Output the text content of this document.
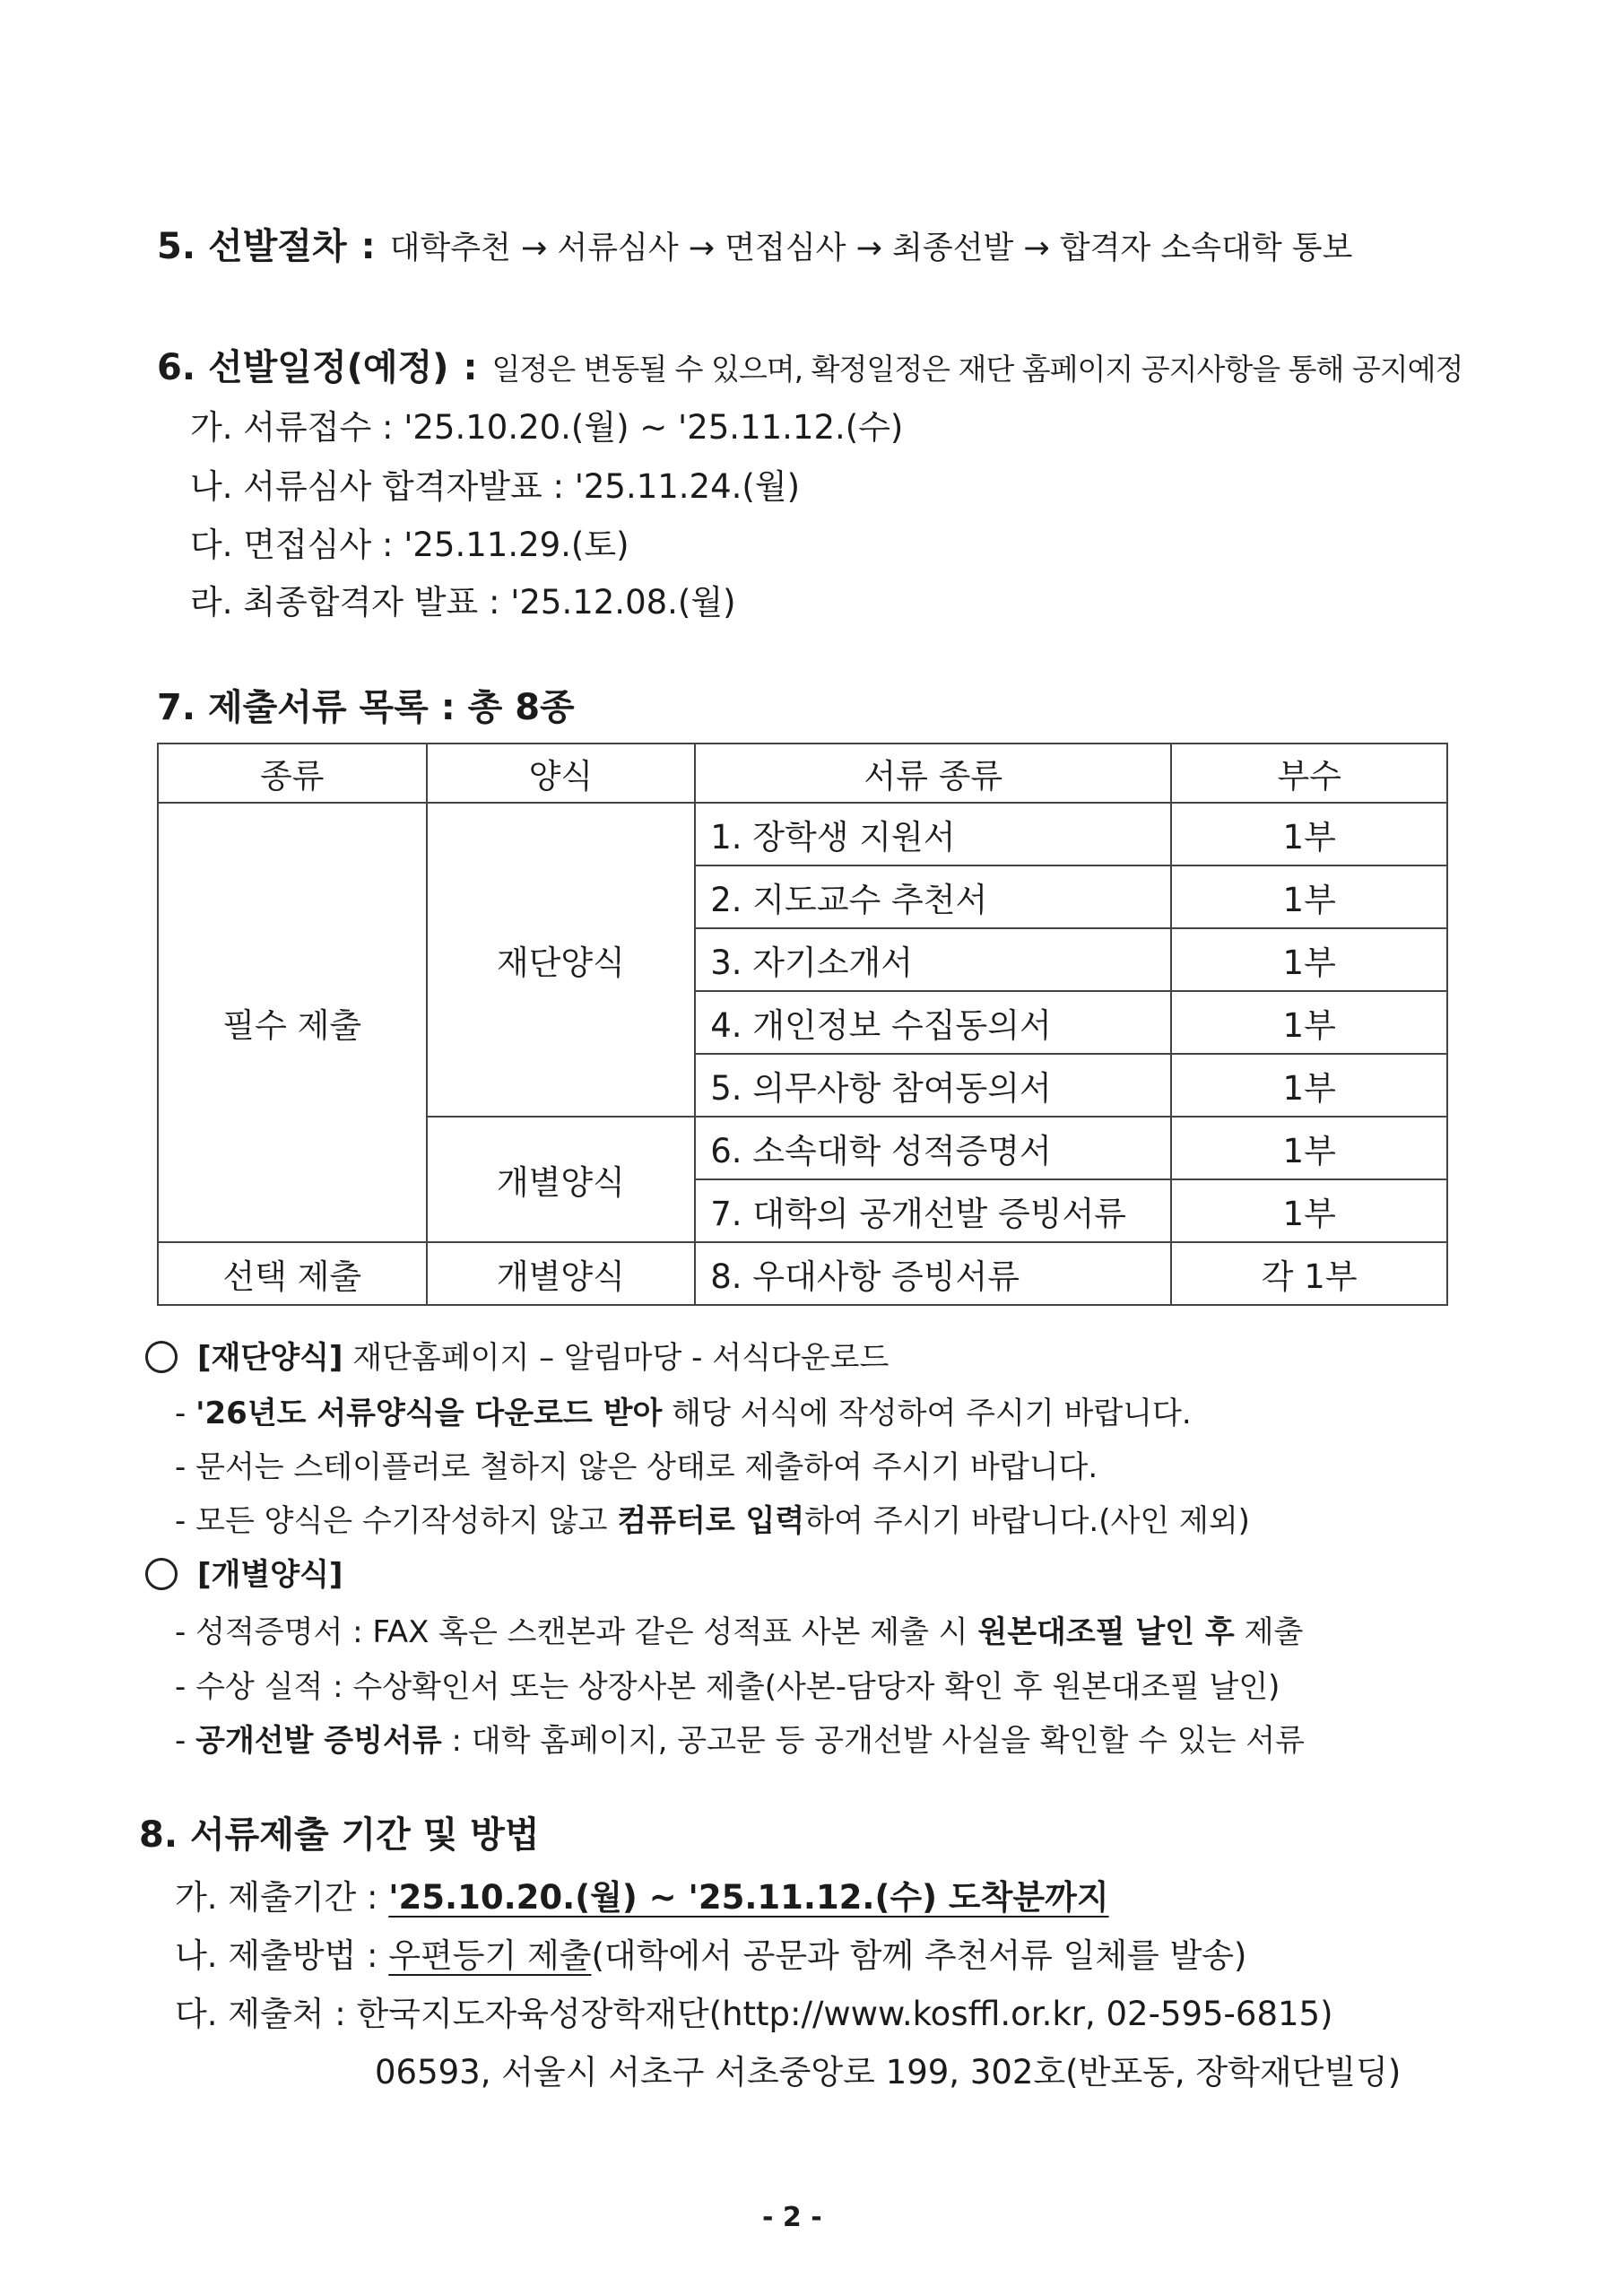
5. 선발절차 : 대학추천 → 서류심사 → 면접심사 → 최종선발 → 합격자 소속대학 통보
6. 선발일정(예정) : 일정은 변동될 수 있으며, 확정일정은 재단 홈페이지 공지사항을 통해 공지예정
가. 서류접수 : '25.10.20.(월) ~ '25.11.12.(수)
나. 서류심사 합격자발표 : '25.11.24.(월)
다. 면접심사 : '25.11.29.(토)
라. 최종합격자 발표 : '25.12.08.(월)
7. 제출서류 목록 : 총 8종
종류	양식	서류 종류	부수
필수 제출	재단양식	1. 장학생 지원서	1부
		2. 지도교수 추천서	1부
		3. 자기소개서	1부
		4. 개인정보 수집동의서	1부
		5. 의무사항 참여동의서	1부
	개별양식	6. 소속대학 성적증명서	1부
		7. 대학의 공개선발 증빙서류	1부
선택 제출	개별양식	8. 우대사항 증빙서류	각 1부
[재단양식] 재단홈페이지 – 알림마당 - 서식다운로드
- '26년도 서류양식을 다운로드 받아 해당 서식에 작성하여 주시기 바랍니다.
- 문서는 스테이플러로 철하지 않은 상태로 제출하여 주시기 바랍니다.
- 모든 양식은 수기작성하지 않고 컴퓨터로 입력하여 주시기 바랍니다.(사인 제외)
[개별양식]
- 성적증명서 : FAX 혹은 스캔본과 같은 성적표 사본 제출 시 원본대조필 날인 후 제출
- 수상 실적 : 수상확인서 또는 상장사본 제출(사본-담당자 확인 후 원본대조필 날인)
- 공개선발 증빙서류 : 대학 홈페이지, 공고문 등 공개선발 사실을 확인할 수 있는 서류
8. 서류제출 기간 및 방법
가. 제출기간 : '25.10.20.(월) ~ '25.11.12.(수) 도착분까지
나. 제출방법 : 우편등기 제출(대학에서 공문과 함께 추천서류 일체를 발송)
다. 제출처 : 한국지도자육성장학재단(http://www.kosffl.or.kr, 02-595-6815)
06593, 서울시 서초구 서초중앙로 199, 302호(반포동, 장학재단빌딩)
- 2 -
